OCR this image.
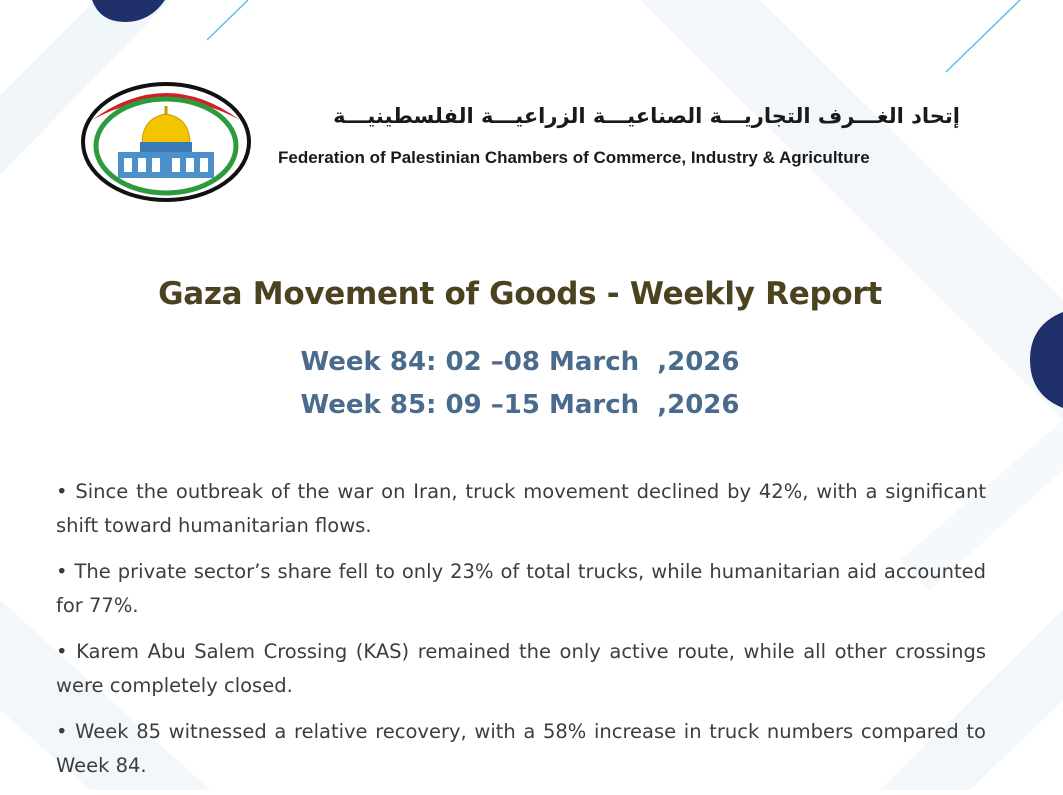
إتحاد الغـــرف التجاريـــة الصناعيـــة الزراعيـــة الفلسطينيـــة
Federation of Palestinian Chambers of Commerce, Industry & Agriculture
Gaza Movement of Goods - Weekly Report
Week 84: 02 –08 March  ,2026
Week 85: 09 –15 March  ,2026
• Since the outbreak of the war on Iran, truck movement declined by 42%, with a significant shift toward humanitarian flows.
• The private sector’s share fell to only 23% of total trucks, while humanitarian aid accounted for 77%.
• Karem Abu Salem Crossing (KAS) remained the only active route, while all other crossings were completely closed.
• Week 85 witnessed a relative recovery, with a 58% increase in truck numbers compared to Week 84.
